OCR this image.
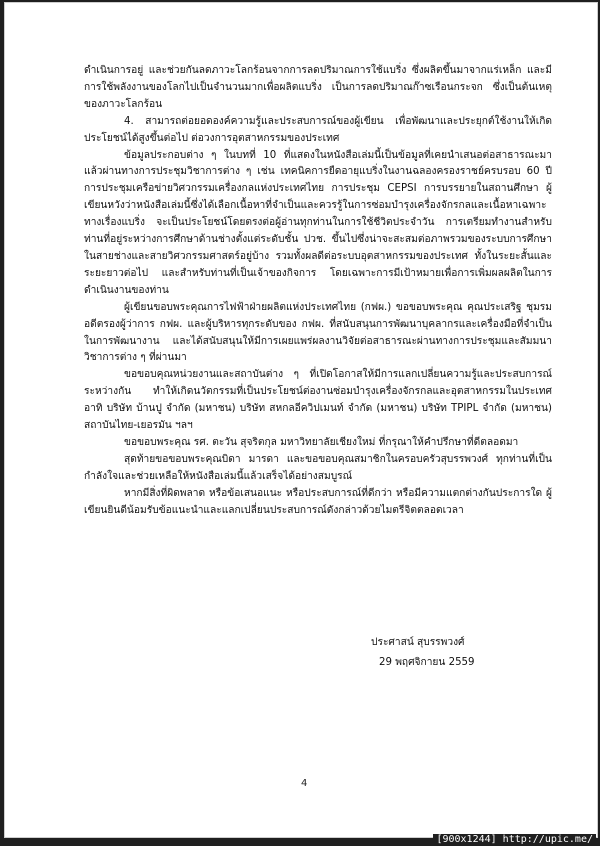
ดำเนินการอยู่ และช่วยกันลดภาวะโลกร้อนจากการลดปริมาณการใช้แบริ่ง ซึ่งผลิตขึ้นมาจากแร่เหล็ก และมีการใช้พลังงานของโลกไปเป็นจำนวนมากเพื่อผลิตแบริ่ง เป็นการลดปริมาณก๊าซเรือนกระจก ซึ่งเป็นต้นเหตุของภาวะโลกร้อน

4. สามารถต่อยอดองค์ความรู้และประสบการณ์ของผู้เขียน เพื่อพัฒนาและประยุกต์ใช้งานให้เกิดประโยชน์ได้สูงขึ้นต่อไป ต่อวงการอุตสาหกรรมของประเทศ

ข้อมูลประกอบต่าง ๆ ในบทที่ 10 ที่แสดงในหนังสือเล่มนี้เป็นข้อมูลที่เคยนำเสนอต่อสาธารณะมาแล้วผ่านทางการประชุมวิชาการต่าง ๆ เช่น เทคนิคการยืดอายุแบริ่งในงานฉลองครองราชย์ครบรอบ 60 ปี การประชุมเครือข่ายวิศวกรรมเครื่องกลแห่งประเทศไทย การประชุม CEPSI การบรรยายในสถานศึกษา ผู้เขียนหวังว่าหนังสือเล่มนี้ซึ่งได้เลือกเนื้อหาที่จำเป็นและควรรู้ในการซ่อมบำรุงเครื่องจักรกลและเนื้อหาเฉพาะทางเรื่องแบริ่ง จะเป็นประโยชน์โดยตรงต่อผู้อ่านทุกท่านในการใช้ชีวิตประจำวัน การเตรียมทำงานสำหรับท่านที่อยู่ระหว่างการศึกษาด้านช่างตั้งแต่ระดับชั้น ปวช. ขึ้นไปซึ่งน่าจะสะสมต่อภาพรวมของระบบการศึกษาในสายช่างและสายวิศวกรรมศาสตร์อยู่บ้าง รวมทั้งผลดีต่อระบบอุตสาหกรรมของประเทศ ทั้งในระยะสั้นและระยะยาวต่อไป และสำหรับท่านที่เป็นเจ้าของกิจการ โดยเฉพาะการมีเป้าหมายเพื่อการเพิ่มผลผลิตในการดำเนินงานของท่าน

ผู้เขียนขอบพระคุณการไฟฟ้าฝ่ายผลิตแห่งประเทศไทย (กฟผ.) ขอขอบพระคุณ คุณประเสริฐ ชุมรม อดีตรองผู้ว่าการ กฟผ. และผู้บริหารทุกระดับของ กฟผ. ที่สนับสนุนการพัฒนาบุคลากรและเครื่องมือที่จำเป็นในการพัฒนางาน และได้สนับสนุนให้มีการเผยแพร่ผลงานวิจัยต่อสาธารณะผ่านทางการประชุมและสัมมนาวิชาการต่าง ๆ ที่ผ่านมา

ขอขอบคุณหน่วยงานและสถาบันต่าง ๆ ที่เปิดโอกาสให้มีการแลกเปลี่ยนความรู้และประสบการณ์ระหว่างกัน ทำให้เกิดนวัตกรรมที่เป็นประโยชน์ต่องานซ่อมบำรุงเครื่องจักรกลและอุตสาหกรรมในประเทศ อาทิ บริษัท บ้านปู จำกัด (มหาชน) บริษัท สหกลอีควิปเมนท์ จำกัด (มหาชน) บริษัท TPIPL จำกัด (มหาชน) สถาบันไทย-เยอรมัน ฯลฯ

ขอขอบพระคุณ รศ. ตะวัน สุจริตกุล มหาวิทยาลัยเชียงใหม่ ที่กรุณาให้คำปรึกษาที่ดีตลอดมา

สุดท้ายขอขอบพระคุณบิดา มารดา และขอขอบคุณสมาชิกในครอบครัวสุบรรพวงศ์ ทุกท่านที่เป็นกำลังใจและช่วยเหลือให้หนังสือเล่มนี้แล้วเสร็จได้อย่างสมบูรณ์

หากมีสิ่งที่ผิดพลาด หรือข้อเสนอแนะ หรือประสบการณ์ที่ดีกว่า หรือมีความแตกต่างกันประการใด ผู้เขียนยินดีน้อมรับข้อแนะนำและแลกเปลี่ยนประสบการณ์ดังกล่าวด้วยไมตรีจิตตลอดเวลา

ประศาสน์ สุบรรพวงศ์
29 พฤศจิกายน 2559
4
[900x1244] http://upic.me/
